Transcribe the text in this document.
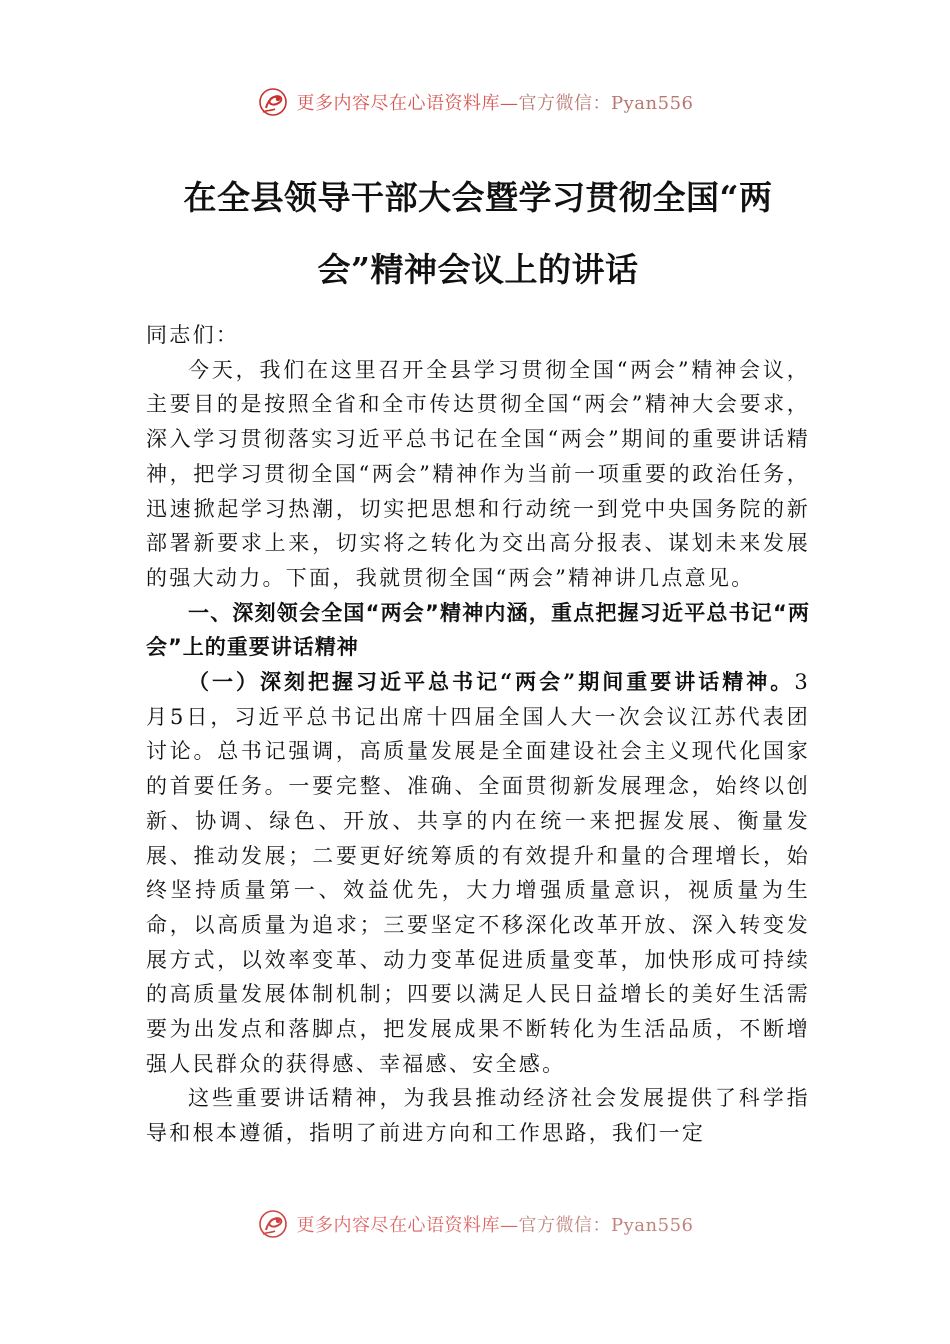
更多内容尽在心语资料库—官方微信：Pyan556
在全县领导干部大会暨学习贯彻全国“两会”精神会议上的讲话

同志们：

今天，我们在这里召开全县学习贯彻全国“两会”精神会议，主要目的是按照全省和全市传达贯彻全国“两会”精神大会要求，深入学习贯彻落实习近平总书记在全国“两会”期间的重要讲话精神，把学习贯彻全国“两会”精神作为当前一项重要的政治任务，迅速掀起学习热潮，切实把思想和行动统一到党中央国务院的新部署新要求上来，切实将之转化为交出高分报表、谋划未来发展的强大动力。下面，我就贯彻全国“两会”精神讲几点意见。

一、深刻领会全国“两会”精神内涵，重点把握习近平总书记“两会”上的重要讲话精神

（一）深刻把握习近平总书记“两会”期间重要讲话精神。3月5日，习近平总书记出席十四届全国人大一次会议江苏代表团讨论。总书记强调，高质量发展是全面建设社会主义现代化国家的首要任务。一要完整、准确、全面贯彻新发展理念，始终以创新、协调、绿色、开放、共享的内在统一来把握发展、衡量发展、推动发展；二要更好统筹质的有效提升和量的合理增长，始终坚持质量第一、效益优先，大力增强质量意识，视质量为生命，以高质量为追求；三要坚定不移深化改革开放、深入转变发展方式，以效率变革、动力变革促进质量变革，加快形成可持续的高质量发展体制机制；四要以满足人民日益增长的美好生活需要为出发点和落脚点，把发展成果不断转化为生活品质，不断增强人民群众的获得感、幸福感、安全感。

这些重要讲话精神，为我县推动经济社会发展提供了科学指导和根本遵循，指明了前进方向和工作思路，我们一定

更多内容尽在心语资料库—官方微信：Pyan556
